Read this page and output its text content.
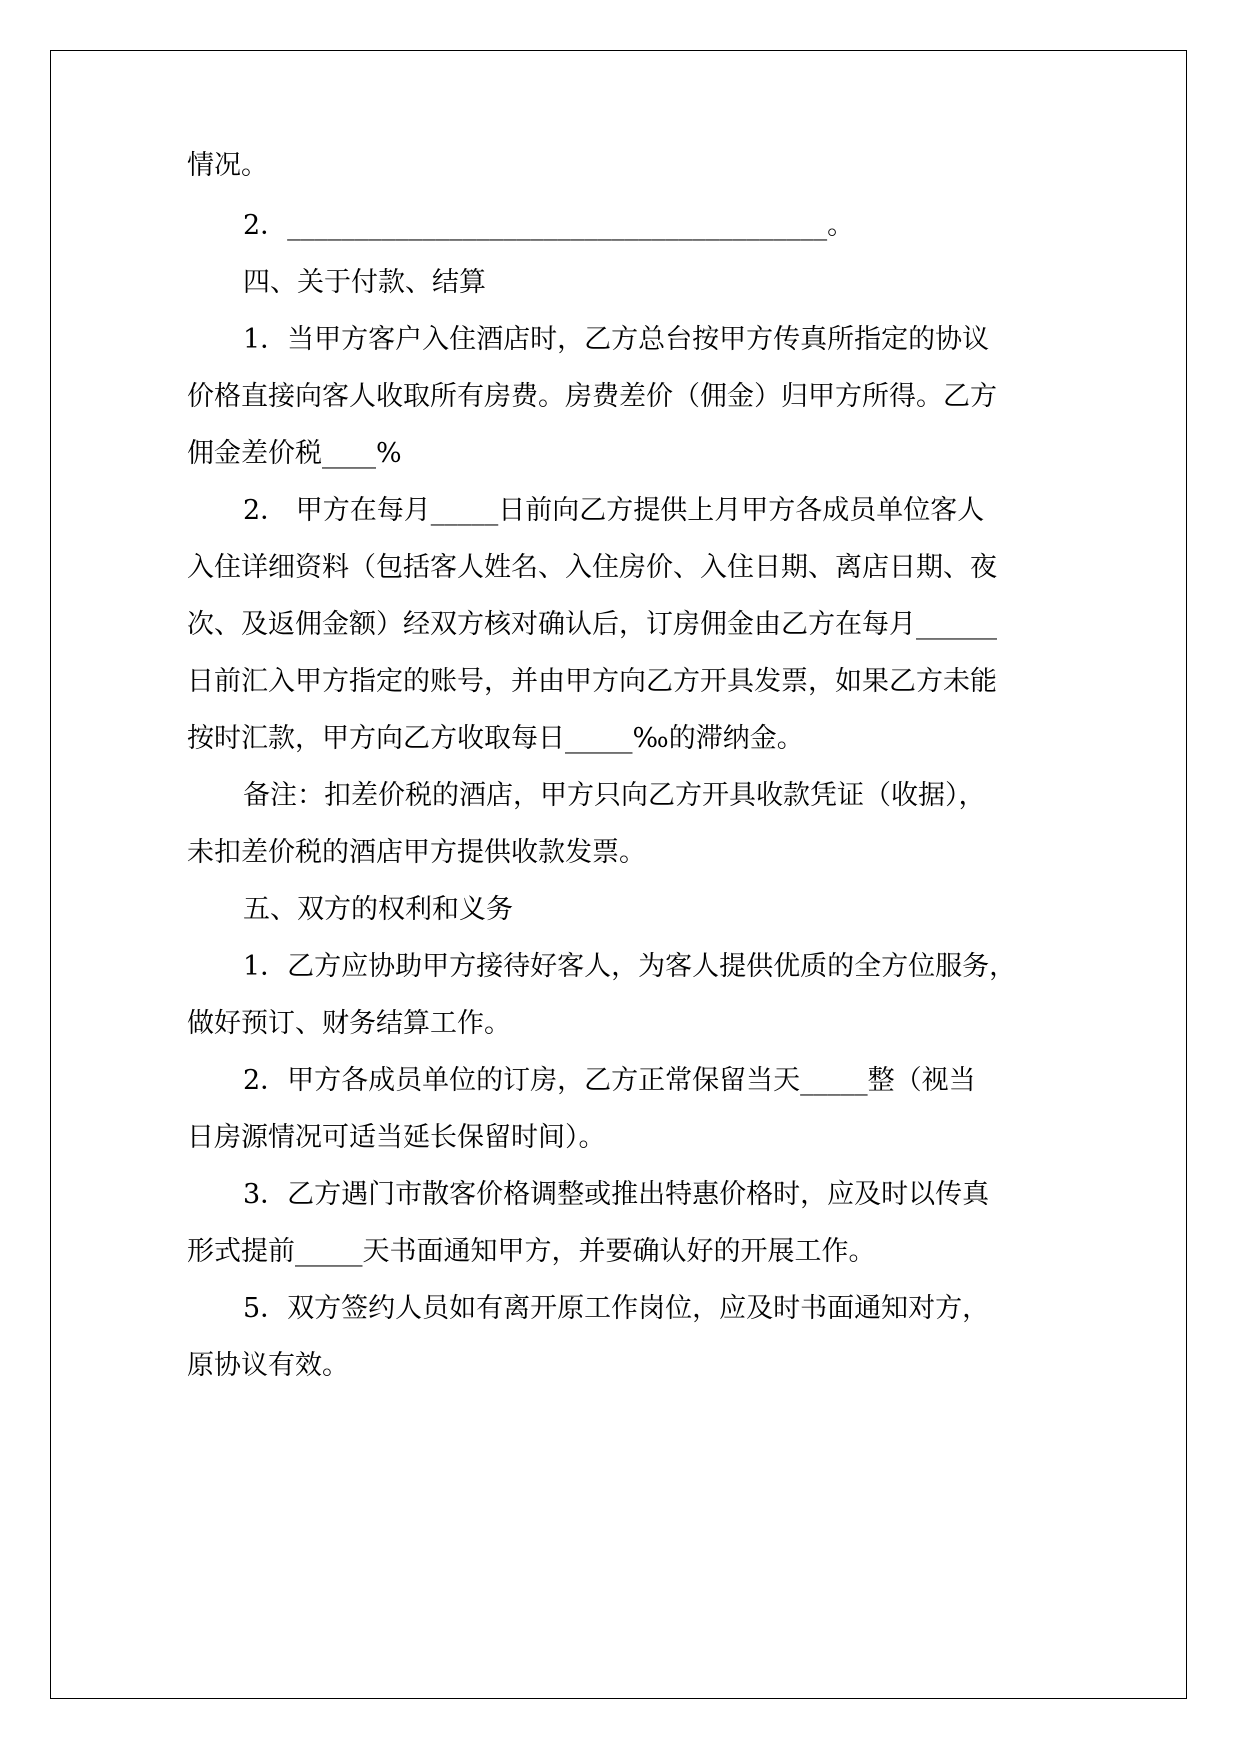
情况。
2．________________________________________。
四、关于付款、结算
1．当甲方客户入住酒店时，乙方总台按甲方传真所指定的协议
价格直接向客人收取所有房费。房费差价（佣金）归甲方所得。乙方
佣金差价税____%
2． 甲方在每月_____日前向乙方提供上月甲方各成员单位客人
入住详细资料（包括客人姓名、入住房价、入住日期、离店日期、夜
次、及返佣金额）经双方核对确认后，订房佣金由乙方在每月______
日前汇入甲方指定的账号，并由甲方向乙方开具发票，如果乙方未能
按时汇款，甲方向乙方收取每日_____‰的滞纳金。
备注：扣差价税的酒店，甲方只向乙方开具收款凭证（收据），
未扣差价税的酒店甲方提供收款发票。
五、双方的权利和义务
1．乙方应协助甲方接待好客人，为客人提供优质的全方位服务，
做好预订、财务结算工作。
2．甲方各成员单位的订房，乙方正常保留当天_____整（视当
日房源情况可适当延长保留时间）。
3．乙方遇门市散客价格调整或推出特惠价格时，应及时以传真
形式提前_____天书面通知甲方，并要确认好的开展工作。
5．双方签约人员如有离开原工作岗位，应及时书面通知对方，
原协议有效。
